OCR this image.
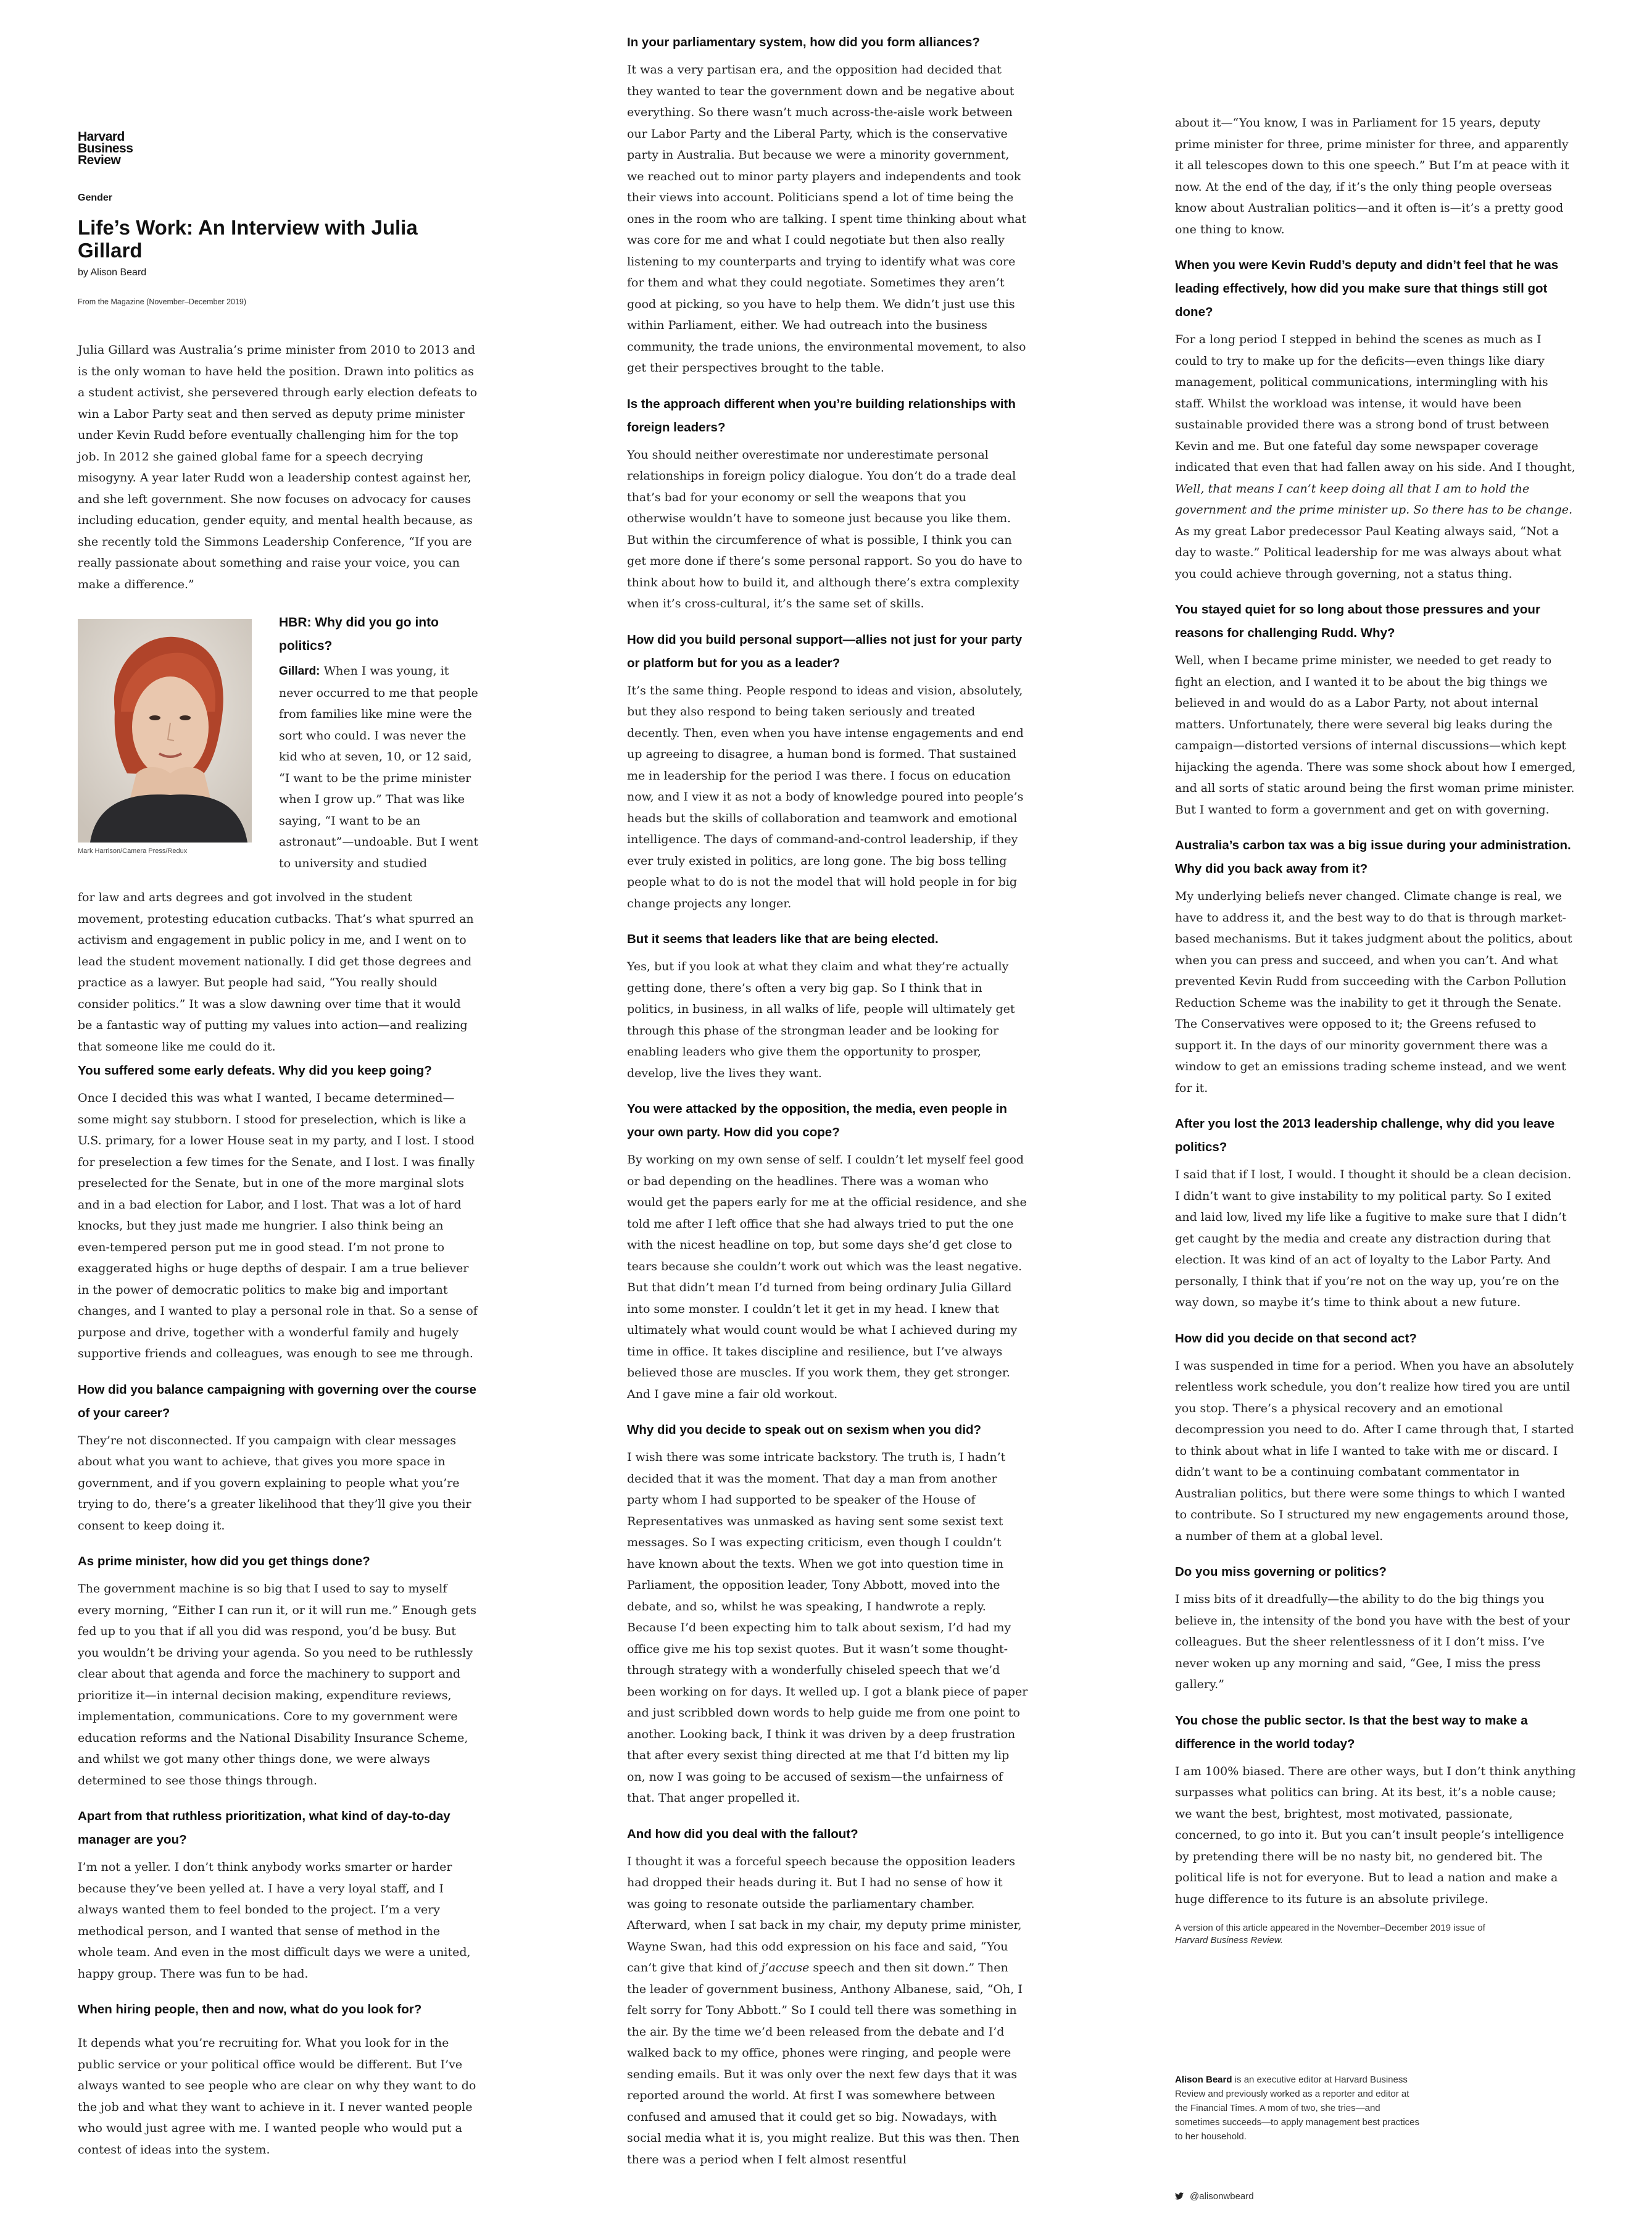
Harvard
Business
Review
Gender
Life’s Work: An Interview with Julia Gillard
by Alison Beard
From the Magazine (November–December 2019)

Julia Gillard was Australia’s prime minister from 2010 to 2013 and is the only woman to have held the position. Drawn into politics as a student activist, she persevered through early election defeats to win a Labor Party seat and then served as deputy prime minister under Kevin Rudd before eventually challenging him for the top job. In 2012 she gained global fame for a speech decrying misogyny. A year later Rudd won a leadership contest against her, and she left government. She now focuses on advocacy for causes including education, gender equity, and mental health because, as she recently told the Simmons Leadership Conference, “If you are really passionate about something and raise your voice, you can make a difference.”

Mark Harrison/Camera Press/Redux
HBR: Why did you go into politics?

Gillard: When I was young, it never occurred to me that people from families like mine were the sort who could. I was never the kid who at seven, 10, or 12 said, “I want to be the prime minister when I grow up.” That was like saying, “I want to be an astronaut”—undoable. But I went to university and studied

for law and arts degrees and got involved in the student movement, protesting education cutbacks. That’s what spurred an activism and engagement in public policy in me, and I went on to lead the student movement nationally. I did get those degrees and practice as a lawyer. But people had said, “You really should consider politics.” It was a slow dawning over time that it would be a fantastic way of putting my values into action—and realizing that someone like me could do it.

You suffered some early defeats. Why did you keep going?

Once I decided this was what I wanted, I became determined—some might say stubborn. I stood for preselection, which is like a U.S. primary, for a lower House seat in my party, and I lost. I stood for preselection a few times for the Senate, and I lost. I was finally preselected for the Senate, but in one of the more marginal slots and in a bad election for Labor, and I lost. That was a lot of hard knocks, but they just made me hungrier. I also think being an even-tempered person put me in good stead. I’m not prone to exaggerated highs or huge depths of despair. I am a true believer in the power of democratic politics to make big and important changes, and I wanted to play a personal role in that. So a sense of purpose and drive, together with a wonderful family and hugely supportive friends and colleagues, was enough to see me through.

How did you balance campaigning with governing over the course of your career?

They’re not disconnected. If you campaign with clear messages about what you want to achieve, that gives you more space in government, and if you govern explaining to people what you’re trying to do, there’s a greater likelihood that they’ll give you their consent to keep doing it.

As prime minister, how did you get things done?

The government machine is so big that I used to say to myself every morning, “Either I can run it, or it will run me.” Enough gets fed up to you that if all you did was respond, you’d be busy. But you wouldn’t be driving your agenda. So you need to be ruthlessly clear about that agenda and force the machinery to support and prioritize it—in internal decision making, expenditure reviews, implementation, communications. Core to my government were education reforms and the National Disability Insurance Scheme, and whilst we got many other things done, we were always determined to see those things through.

Apart from that ruthless prioritization, what kind of day-to-day manager are you?

I’m not a yeller. I don’t think anybody works smarter or harder because they’ve been yelled at. I have a very loyal staff, and I always wanted them to feel bonded to the project. I’m a very methodical person, and I wanted that sense of method in the whole team. And even in the most difficult days we were a united, happy group. There was fun to be had.

When hiring people, then and now, what do you look for?

It depends what you’re recruiting for. What you look for in the public service or your political office would be different. But I’ve always wanted to see people who are clear on why they want to do the job and what they want to achieve in it. I never wanted people who would just agree with me. I wanted people who would put a contest of ideas into the system.

In your parliamentary system, how did you form alliances?

It was a very partisan era, and the opposition had decided that they wanted to tear the government down and be negative about everything. So there wasn’t much across-the-aisle work between our Labor Party and the Liberal Party, which is the conservative party in Australia. But because we were a minority government, we reached out to minor party players and independents and took their views into account. Politicians spend a lot of time being the ones in the room who are talking. I spent time thinking about what was core for me and what I could negotiate but then also really listening to my counterparts and trying to identify what was core for them and what they could negotiate. Sometimes they aren’t good at picking, so you have to help them. We didn’t just use this within Parliament, either. We had outreach into the business community, the trade unions, the environmental movement, to also get their perspectives brought to the table.

Is the approach different when you’re building relationships with foreign leaders?

You should neither overestimate nor underestimate personal relationships in foreign policy dialogue. You don’t do a trade deal that’s bad for your economy or sell the weapons that you otherwise wouldn’t have to someone just because you like them. But within the circumference of what is possible, I think you can get more done if there’s some personal rapport. So you do have to think about how to build it, and although there’s extra complexity when it’s cross-cultural, it’s the same set of skills.

How did you build personal support—allies not just for your party or platform but for you as a leader?

It’s the same thing. People respond to ideas and vision, absolutely, but they also respond to being taken seriously and treated decently. Then, even when you have intense engagements and end up agreeing to disagree, a human bond is formed. That sustained me in leadership for the period I was there. I focus on education now, and I view it as not a body of knowledge poured into people’s heads but the skills of collaboration and teamwork and emotional intelligence. The days of command-and-control leadership, if they ever truly existed in politics, are long gone. The big boss telling people what to do is not the model that will hold people in for big change projects any longer.

But it seems that leaders like that are being elected.

Yes, but if you look at what they claim and what they’re actually getting done, there’s often a very big gap. So I think that in politics, in business, in all walks of life, people will ultimately get through this phase of the strongman leader and be looking for enabling leaders who give them the opportunity to prosper, develop, live the lives they want.

You were attacked by the opposition, the media, even people in your own party. How did you cope?

By working on my own sense of self. I couldn’t let myself feel good or bad depending on the headlines. There was a woman who would get the papers early for me at the official residence, and she told me after I left office that she had always tried to put the one with the nicest headline on top, but some days she’d get close to tears because she couldn’t work out which was the least negative. But that didn’t mean I’d turned from being ordinary Julia Gillard into some monster. I couldn’t let it get in my head. I knew that ultimately what would count would be what I achieved during my time in office. It takes discipline and resilience, but I’ve always believed those are muscles. If you work them, they get stronger. And I gave mine a fair old workout.

Why did you decide to speak out on sexism when you did?

I wish there was some intricate backstory. The truth is, I hadn’t decided that it was the moment. That day a man from another party whom I had supported to be speaker of the House of Representatives was unmasked as having sent some sexist text messages. So I was expecting criticism, even though I couldn’t have known about the texts. When we got into question time in Parliament, the opposition leader, Tony Abbott, moved into the debate, and so, whilst he was speaking, I handwrote a reply. Because I’d been expecting him to talk about sexism, I’d had my office give me his top sexist quotes. But it wasn’t some thought-through strategy with a wonderfully chiseled speech that we’d been working on for days. It welled up. I got a blank piece of paper and just scribbled down words to help guide me from one point to another. Looking back, I think it was driven by a deep frustration that after every sexist thing directed at me that I’d bitten my lip on, now I was going to be accused of sexism—the unfairness of that. That anger propelled it.

And how did you deal with the fallout?

I thought it was a forceful speech because the opposition leaders had dropped their heads during it. But I had no sense of how it was going to resonate outside the parliamentary chamber. Afterward, when I sat back in my chair, my deputy prime minister, Wayne Swan, had this odd expression on his face and said, “You can’t give that kind of j’accuse speech and then sit down.” Then the leader of government business, Anthony Albanese, said, “Oh, I felt sorry for Tony Abbott.” So I could tell there was something in the air. By the time we’d been released from the debate and I’d walked back to my office, phones were ringing, and people were sending emails. But it was only over the next few days that it was reported around the world. At first I was somewhere between confused and amused that it could get so big. Nowadays, with social media what it is, you might realize. But this was then. Then there was a period when I felt almost resentful

about it—“You know, I was in Parliament for 15 years, deputy prime minister for three, prime minister for three, and apparently it all telescopes down to this one speech.” But I’m at peace with it now. At the end of the day, if it’s the only thing people overseas know about Australian politics—and it often is—it’s a pretty good one thing to know.

When you were Kevin Rudd’s deputy and didn’t feel that he was leading effectively, how did you make sure that things still got done?

For a long period I stepped in behind the scenes as much as I could to try to make up for the deficits—even things like diary management, political communications, intermingling with his staff. Whilst the workload was intense, it would have been sustainable provided there was a strong bond of trust between Kevin and me. But one fateful day some newspaper coverage indicated that even that had fallen away on his side. And I thought, Well, that means I can’t keep doing all that I am to hold the government and the prime minister up. So there has to be change. As my great Labor predecessor Paul Keating always said, “Not a day to waste.” Political leadership for me was always about what you could achieve through governing, not a status thing.

You stayed quiet for so long about those pressures and your reasons for challenging Rudd. Why?

Well, when I became prime minister, we needed to get ready to fight an election, and I wanted it to be about the big things we believed in and would do as a Labor Party, not about internal matters. Unfortunately, there were several big leaks during the campaign—distorted versions of internal discussions—which kept hijacking the agenda. There was some shock about how I emerged, and all sorts of static around being the first woman prime minister. But I wanted to form a government and get on with governing.

Australia’s carbon tax was a big issue during your administration. Why did you back away from it?

My underlying beliefs never changed. Climate change is real, we have to address it, and the best way to do that is through market-based mechanisms. But it takes judgment about the politics, about when you can press and succeed, and when you can’t. And what prevented Kevin Rudd from succeeding with the Carbon Pollution Reduction Scheme was the inability to get it through the Senate. The Conservatives were opposed to it; the Greens refused to support it. In the days of our minority government there was a window to get an emissions trading scheme instead, and we went for it.

After you lost the 2013 leadership challenge, why did you leave politics?

I said that if I lost, I would. I thought it should be a clean decision. I didn’t want to give instability to my political party. So I exited and laid low, lived my life like a fugitive to make sure that I didn’t get caught by the media and create any distraction during that election. It was kind of an act of loyalty to the Labor Party. And personally, I think that if you’re not on the way up, you’re on the way down, so maybe it’s time to think about a new future.

How did you decide on that second act?

I was suspended in time for a period. When you have an absolutely relentless work schedule, you don’t realize how tired you are until you stop. There’s a physical recovery and an emotional decompression you need to do. After I came through that, I started to think about what in life I wanted to take with me or discard. I didn’t want to be a continuing combatant commentator in Australian politics, but there were some things to which I wanted to contribute. So I structured my new engagements around those, a number of them at a global level.

Do you miss governing or politics?

I miss bits of it dreadfully—the ability to do the big things you believe in, the intensity of the bond you have with the best of your colleagues. But the sheer relentlessness of it I don’t miss. I’ve never woken up any morning and said, “Gee, I miss the press gallery.”

You chose the public sector. Is that the best way to make a difference in the world today?

I am 100% biased. There are other ways, but I don’t think anything surpasses what politics can bring. At its best, it’s a noble cause; we want the best, brightest, most motivated, passionate, concerned, to go into it. But you can’t insult people’s intelligence by pretending there will be no nasty bit, no gendered bit. The political life is not for everyone. But to lead a nation and make a huge difference to its future is an absolute privilege.

A version of this article appeared in the November–December 2019 issue of
Harvard Business Review.
Alison Beard is an executive editor at Harvard Business Review and previously worked as a reporter and editor at the Financial Times. A mom of two, she tries—and sometimes succeeds—to apply management best practices to her household.
@alisonwbeard
